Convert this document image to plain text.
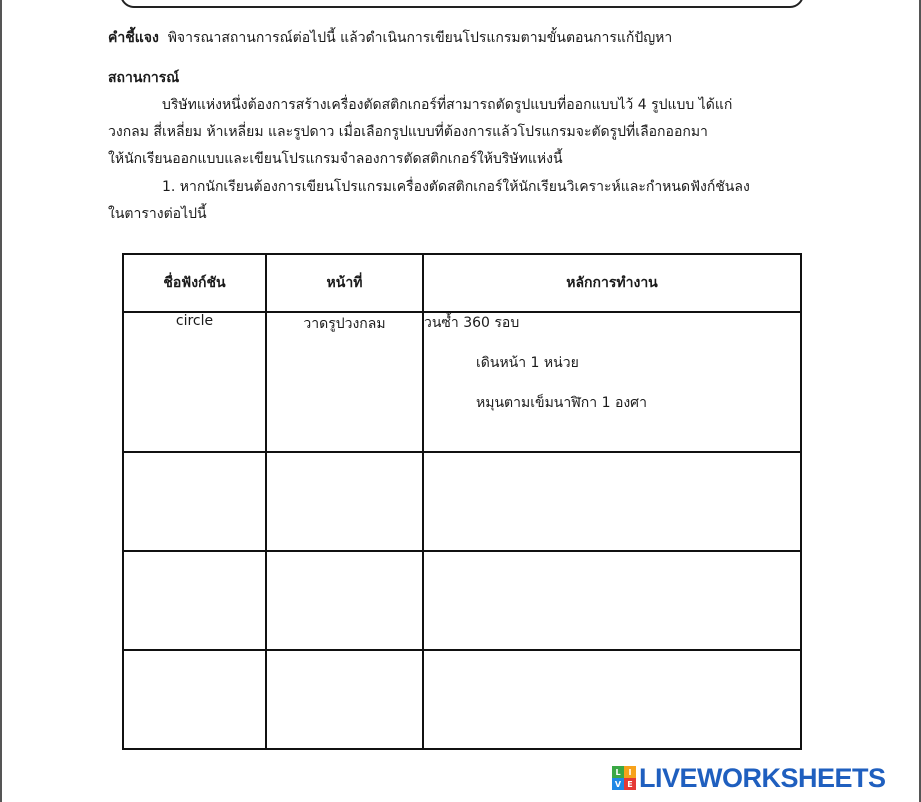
คำชี้แจง พิจารณาสถานการณ์ต่อไปนี้ แล้วดำเนินการเขียนโปรแกรมตามขั้นตอนการแก้ปัญหา
สถานการณ์
บริษัทแห่งหนึ่งต้องการสร้างเครื่องตัดสติกเกอร์ที่สามารถตัดรูปแบบที่ออกแบบไว้ 4 รูปแบบ ได้แก่
วงกลม สี่เหลี่ยม ห้าเหลี่ยม และรูปดาว เมื่อเลือกรูปแบบที่ต้องการแล้วโปรแกรมจะตัดรูปที่เลือกออกมา
ให้นักเรียนออกแบบและเขียนโปรแกรมจำลองการตัดสติกเกอร์ให้บริษัทแห่งนี้
1. หากนักเรียนต้องการเขียนโปรแกรมเครื่องตัดสติกเกอร์ให้นักเรียนวิเคราะห์และกำหนดฟังก์ชันลง
ในตารางต่อไปนี้
ชื่อฟังก์ชัน	หน้าที่	หลักการทำงาน
circle	วาดรูปวงกลม	วนซ้ำ 360 รอบ
เดินหน้า 1 หน่วย
หมุนตามเข็มนาฬิกา 1 องศา

L I
V E LIVEWORKSHEETS
